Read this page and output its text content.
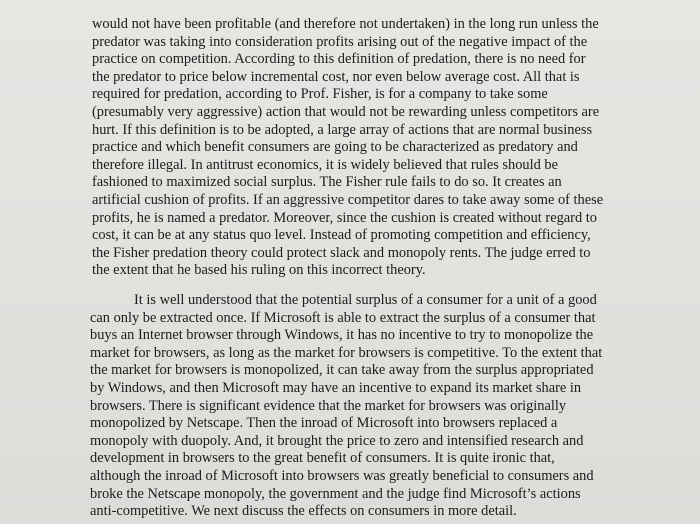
would not have been profitable (and therefore not undertaken) in the long run unless the
predator was taking into consideration profits arising out of the negative impact of the
practice on competition. According to this definition of predation, there is no need for
the predator to price below incremental cost, nor even below average cost. All that is
required for predation, according to Prof. Fisher, is for a company to take some
(presumably very aggressive) action that would not be rewarding unless competitors are
hurt. If this definition is to be adopted, a large array of actions that are normal business
practice and which benefit consumers are going to be characterized as predatory and
therefore illegal. In antitrust economics, it is widely believed that rules should be
fashioned to maximized social surplus. The Fisher rule fails to do so. It creates an
artificial cushion of profits. If an aggressive competitor dares to take away some of these
profits, he is named a predator. Moreover, since the cushion is created without regard to
cost, it can be at any status quo level. Instead of promoting competition and efficiency,
the Fisher predation theory could protect slack and monopoly rents. The judge erred to
the extent that he based his ruling on this incorrect theory.
It is well understood that the potential surplus of a consumer for a unit of a good
can only be extracted once. If Microsoft is able to extract the surplus of a consumer that
buys an Internet browser through Windows, it has no incentive to try to monopolize the
market for browsers, as long as the market for browsers is competitive. To the extent that
the market for browsers is monopolized, it can take away from the surplus appropriated
by Windows, and then Microsoft may have an incentive to expand its market share in
browsers. There is significant evidence that the market for browsers was originally
monopolized by Netscape. Then the inroad of Microsoft into browsers replaced a
monopoly with duopoly. And, it brought the price to zero and intensified research and
development in browsers to the great benefit of consumers. It is quite ironic that,
although the inroad of Microsoft into browsers was greatly beneficial to consumers and
broke the Netscape monopoly, the government and the judge find Microsoft’s actions
anti-competitive. We next discuss the effects on consumers in more detail.
